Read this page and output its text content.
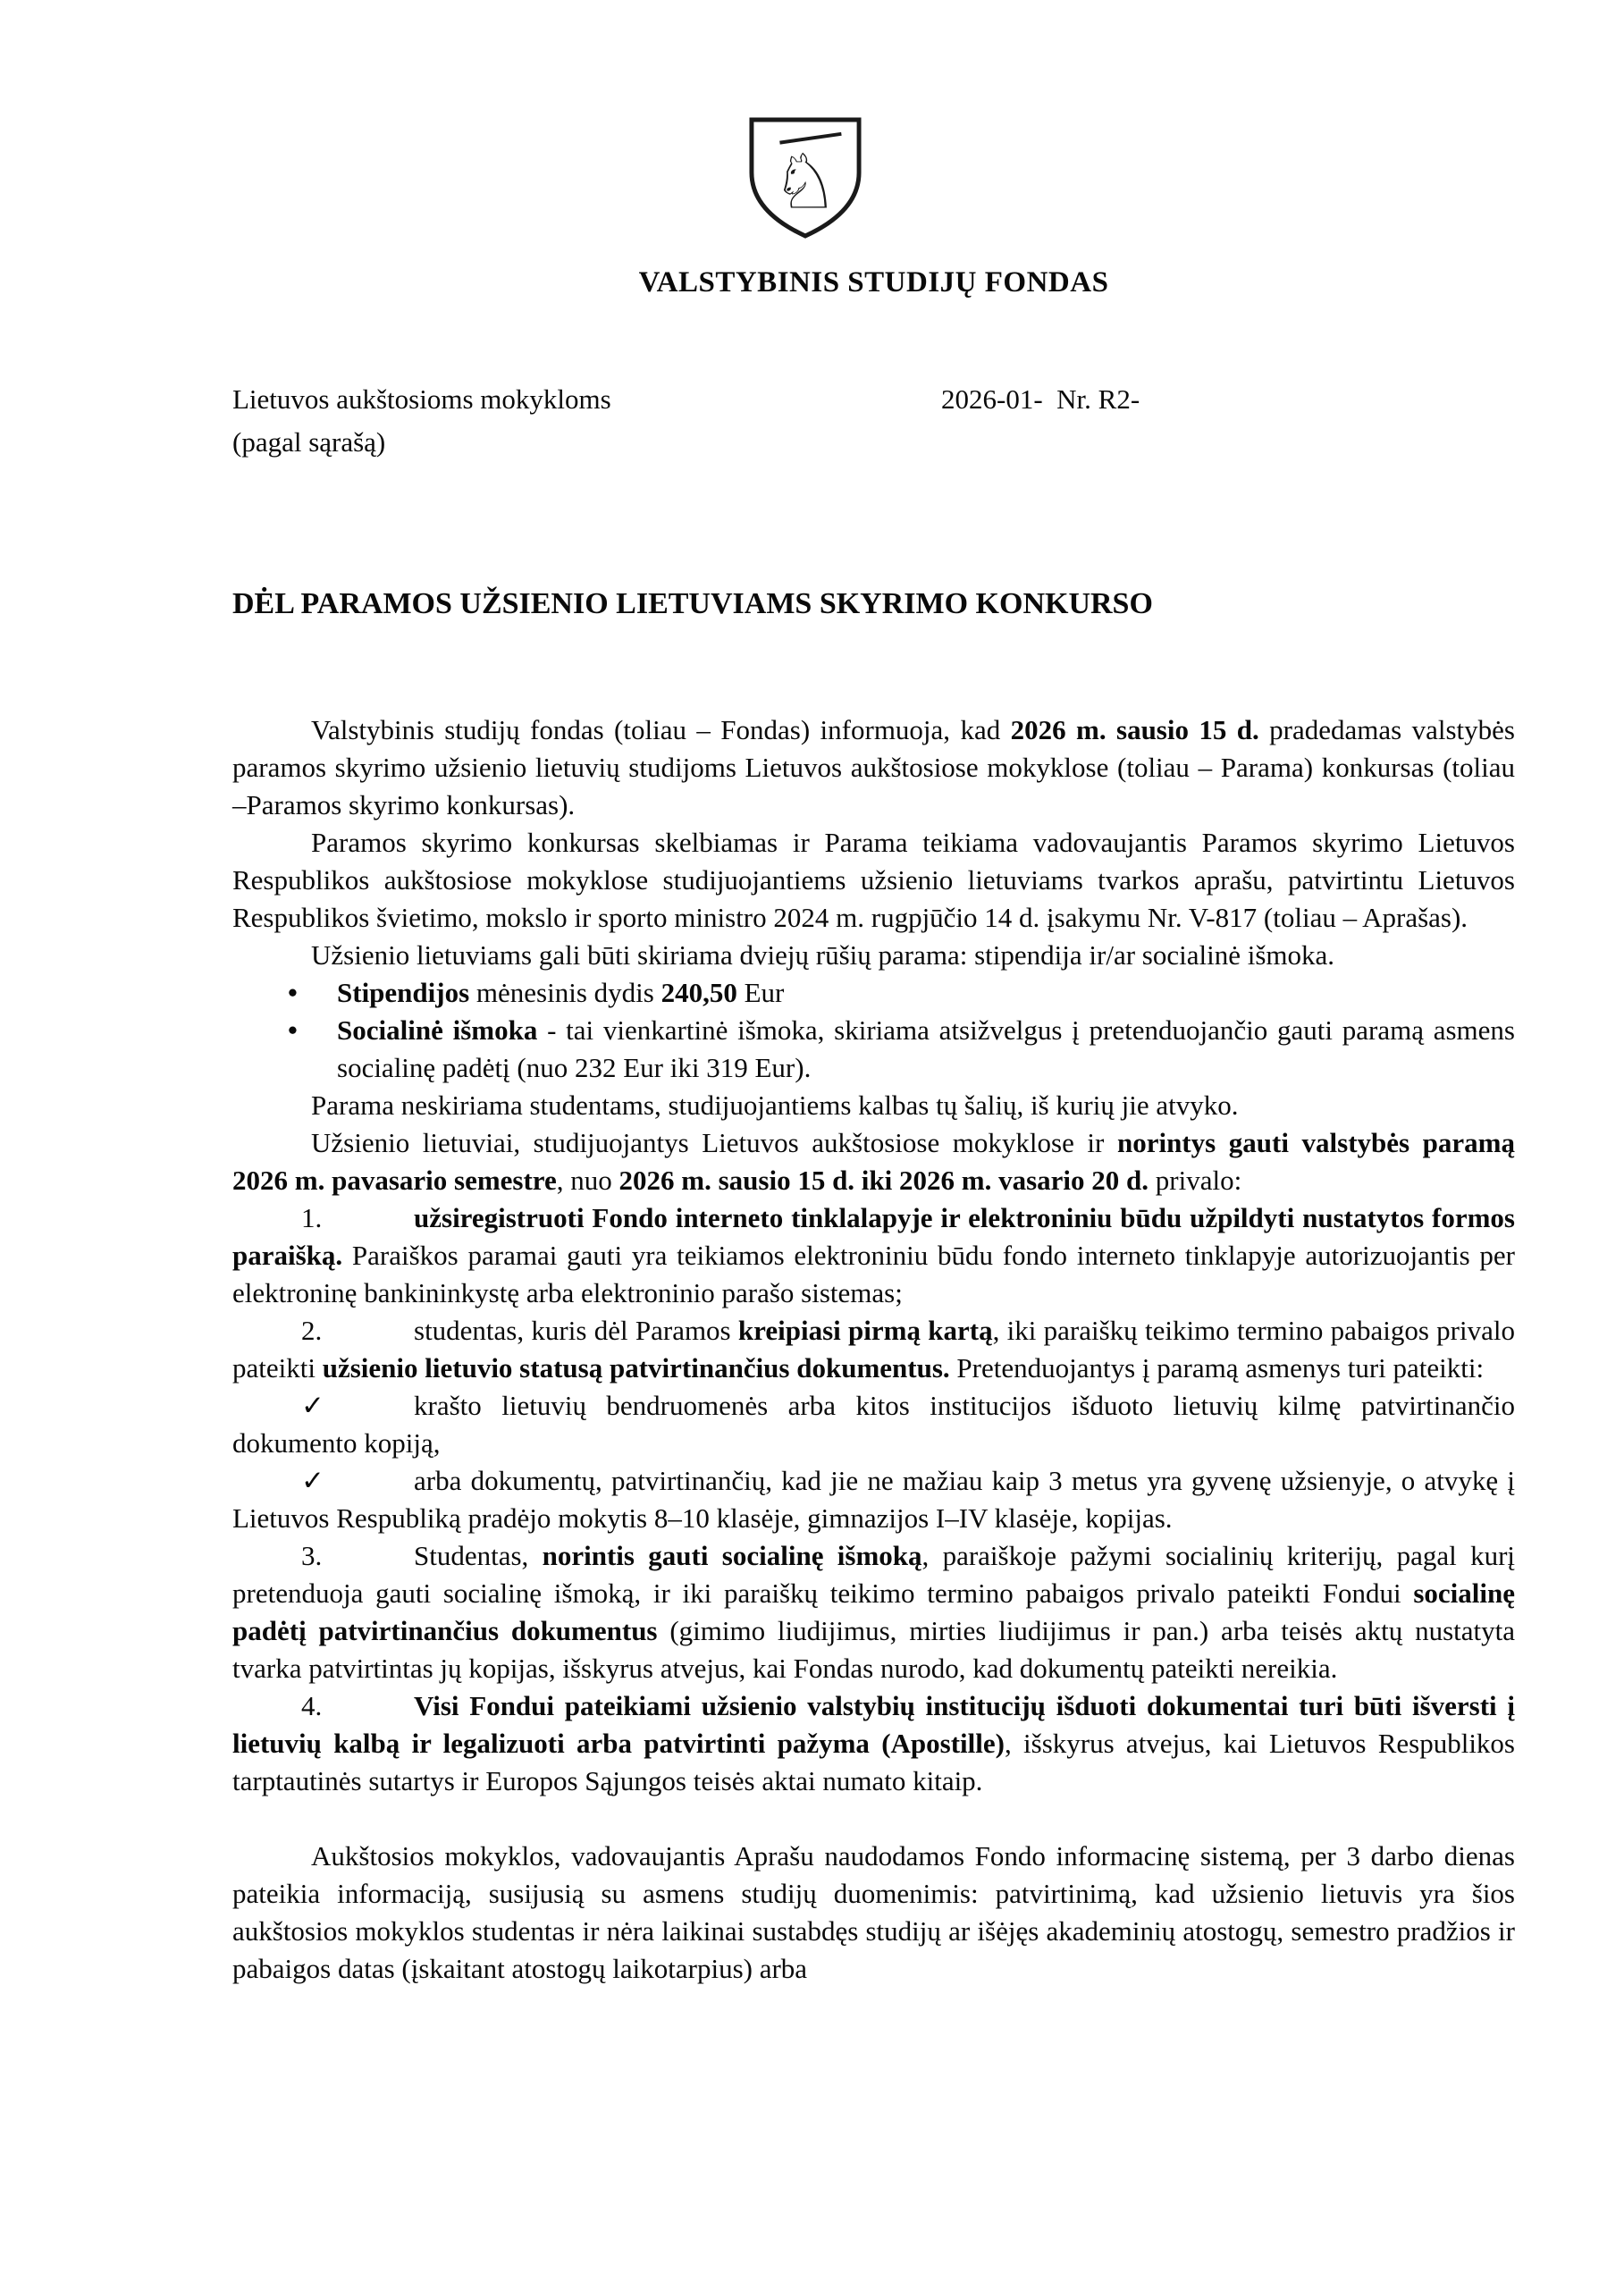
♘
VALSTYBINIS STUDIJŲ FONDAS
Lietuvos aukštosioms mokykloms
(pagal sąrašą)
2026-01-  Nr. R2-
DĖL PARAMOS UŽSIENIO LIETUVIAMS SKYRIMO KONKURSO

Valstybinis studijų fondas (toliau – Fondas) informuoja, kad 2026 m. sausio 15 d. pradedamas valstybės paramos skyrimo užsienio lietuvių studijoms Lietuvos aukštosiose mokyklose (toliau – Parama) konkursas (toliau –Paramos skyrimo konkursas).

Paramos skyrimo konkursas skelbiamas ir Parama teikiama vadovaujantis Paramos skyrimo Lietuvos Respublikos aukštosiose mokyklose studijuojantiems užsienio lietuviams tvarkos aprašu, patvirtintu Lietuvos Respublikos švietimo, mokslo ir sporto ministro 2024 m. rugpjūčio 14 d. įsakymu Nr. V-817 (toliau – Aprašas).

Užsienio lietuviams gali būti skiriama dviejų rūšių parama: stipendija ir/ar socialinė išmoka.

• Stipendijos mėnesinis dydis 240,50 Eur
• Socialinė išmoka - tai vienkartinė išmoka, skiriama atsižvelgus į pretenduojančio gauti paramą asmens socialinę padėtį (nuo 232 Eur iki 319 Eur).

Parama neskiriama studentams, studijuojantiems kalbas tų šalių, iš kurių jie atvyko.

Užsienio lietuviai, studijuojantys Lietuvos aukštosiose mokyklose ir norintys gauti valstybės paramą 2026 m. pavasario semestre, nuo 2026 m. sausio 15 d. iki 2026 m. vasario 20 d. privalo:

1.	užsiregistruoti Fondo interneto tinklalapyje ir elektroniniu būdu užpildyti nustatytos formos paraišką. Paraiškos paramai gauti yra teikiamos elektroniniu būdu fondo interneto tinklapyje autorizuojantis per elektroninę bankininkystę arba elektroninio parašo sistemas;

2.	studentas, kuris dėl Paramos kreipiasi pirmą kartą, iki paraiškų teikimo termino pabaigos privalo pateikti užsienio lietuvio statusą patvirtinančius dokumentus. Pretenduojantys į paramą asmenys turi pateikti:

✓	krašto lietuvių bendruomenės arba kitos institucijos išduoto lietuvių kilmę patvirtinančio dokumento kopiją,

✓	arba dokumentų, patvirtinančių, kad jie ne mažiau kaip 3 metus yra gyvenę užsienyje, o atvykę į Lietuvos Respubliką pradėjo mokytis 8–10 klasėje, gimnazijos I–IV klasėje, kopijas.

3.	Studentas, norintis gauti socialinę išmoką, paraiškoje pažymi socialinių kriterijų, pagal kurį pretenduoja gauti socialinę išmoką, ir iki paraiškų teikimo termino pabaigos privalo pateikti Fondui socialinę padėtį patvirtinančius dokumentus (gimimo liudijimus, mirties liudijimus ir pan.) arba teisės aktų nustatyta tvarka patvirtintas jų kopijas, išskyrus atvejus, kai Fondas nurodo, kad dokumentų pateikti nereikia.

4.	Visi Fondui pateikiami užsienio valstybių institucijų išduoti dokumentai turi būti išversti į lietuvių kalbą ir legalizuoti arba patvirtinti pažyma (Apostille), išskyrus atvejus, kai Lietuvos Respublikos tarptautinės sutartys ir Europos Sąjungos teisės aktai numato kitaip.

Aukštosios mokyklos, vadovaujantis Aprašu naudodamos Fondo informacinę sistemą, per 3 darbo dienas pateikia informaciją, susijusią su asmens studijų duomenimis: patvirtinimą, kad užsienio lietuvis yra šios aukštosios mokyklos studentas ir nėra laikinai sustabdęs studijų ar išėjęs akademinių atostogų, semestro pradžios ir pabaigos datas (įskaitant atostogų laikotarpius) arba
